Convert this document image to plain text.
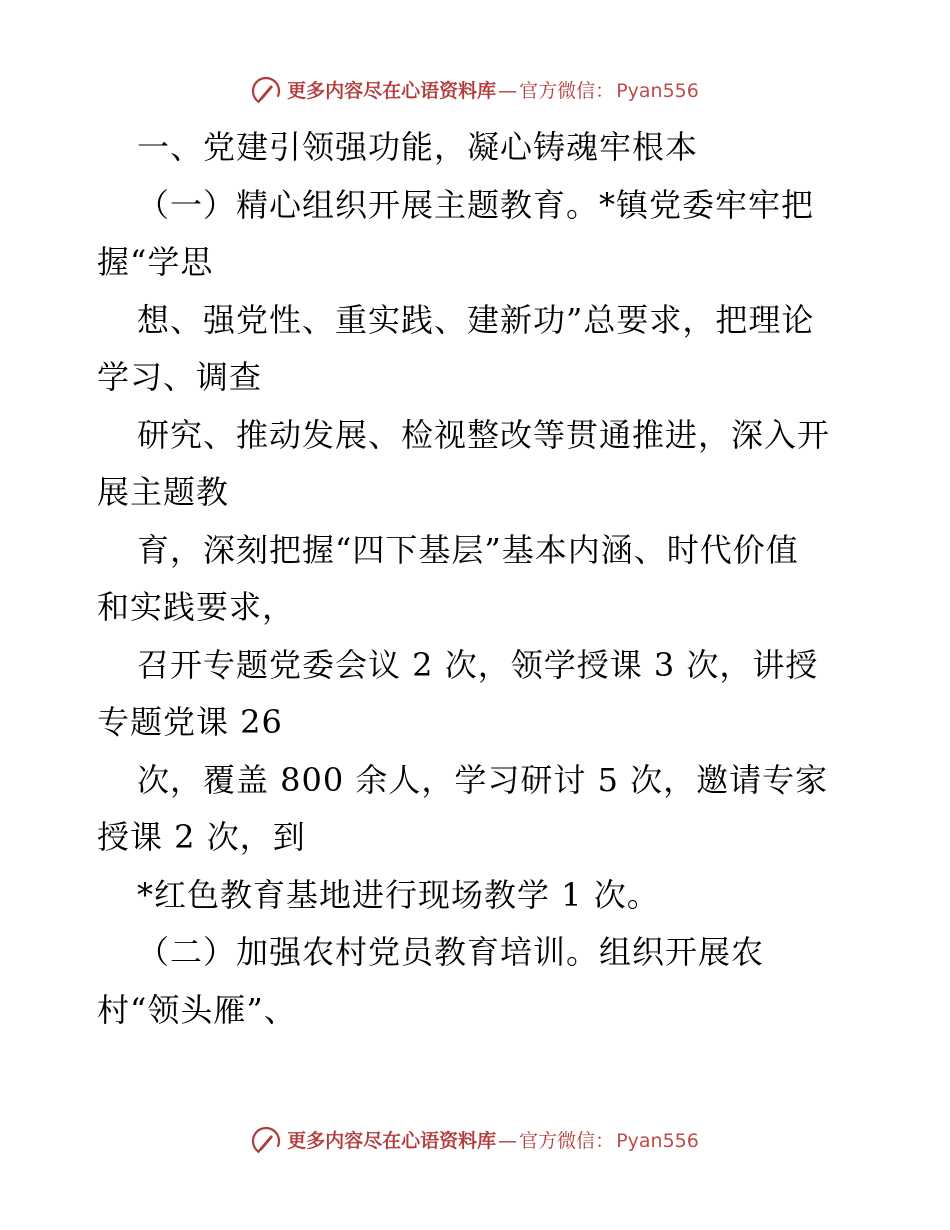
更多内容尽在心语资料库 — 官方微信： Pyan556
一、党建引领强功能，凝心铸魂牢根本
（一）精心组织开展主题教育。*镇党委牢牢把
握“学思
想、强党性、重实践、建新功”总要求，把理论
学习、调查
研究、推动发展、检视整改等贯通推进，深入开
展主题教
育，深刻把握“四下基层”基本内涵、时代价值
和实践要求，
召开专题党委会议 2 次，领学授课 3 次，讲授
专题党课 26
次，覆盖 800 余人，学习研讨 5 次，邀请专家
授课 2 次，到
*红色教育基地进行现场教学 1 次。
（二）加强农村党员教育培训。组织开展农
村“领头雁”、
更多内容尽在心语资料库 — 官方微信： Pyan556
